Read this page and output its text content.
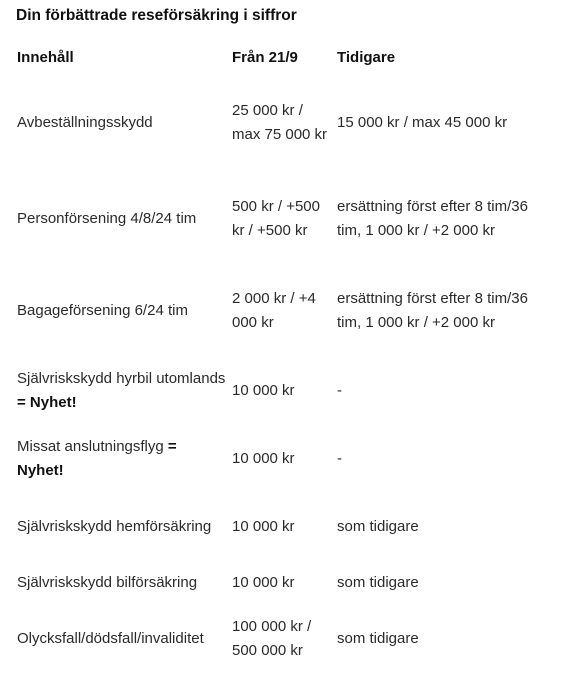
Din förbättrade reseförsäkring i siffror
Innehåll	Från 21/9	Tidigare
Avbeställningsskydd	25 000 kr / max 75 000 kr	15 000 kr / max 45 000 kr
Personförsening 4/8/24 tim	500 kr / +500 kr / +500 kr	ersättning först efter 8 tim/36 tim, 1 000 kr / +2 000 kr
Bagageförsening 6/24 tim	2 000 kr / +4 000 kr	ersättning först efter 8 tim/36 tim, 1 000 kr / +2 000 kr
Självriskskydd hyrbil utomlands = Nyhet!	10 000 kr	-
Missat anslutningsflyg = Nyhet!	10 000 kr	-
Självriskskydd hemförsäkring	10 000 kr	som tidigare
Självriskskydd bilförsäkring	10 000 kr	som tidigare
Olycksfall/dödsfall/invaliditet	100 000 kr / 500 000 kr	som tidigare
